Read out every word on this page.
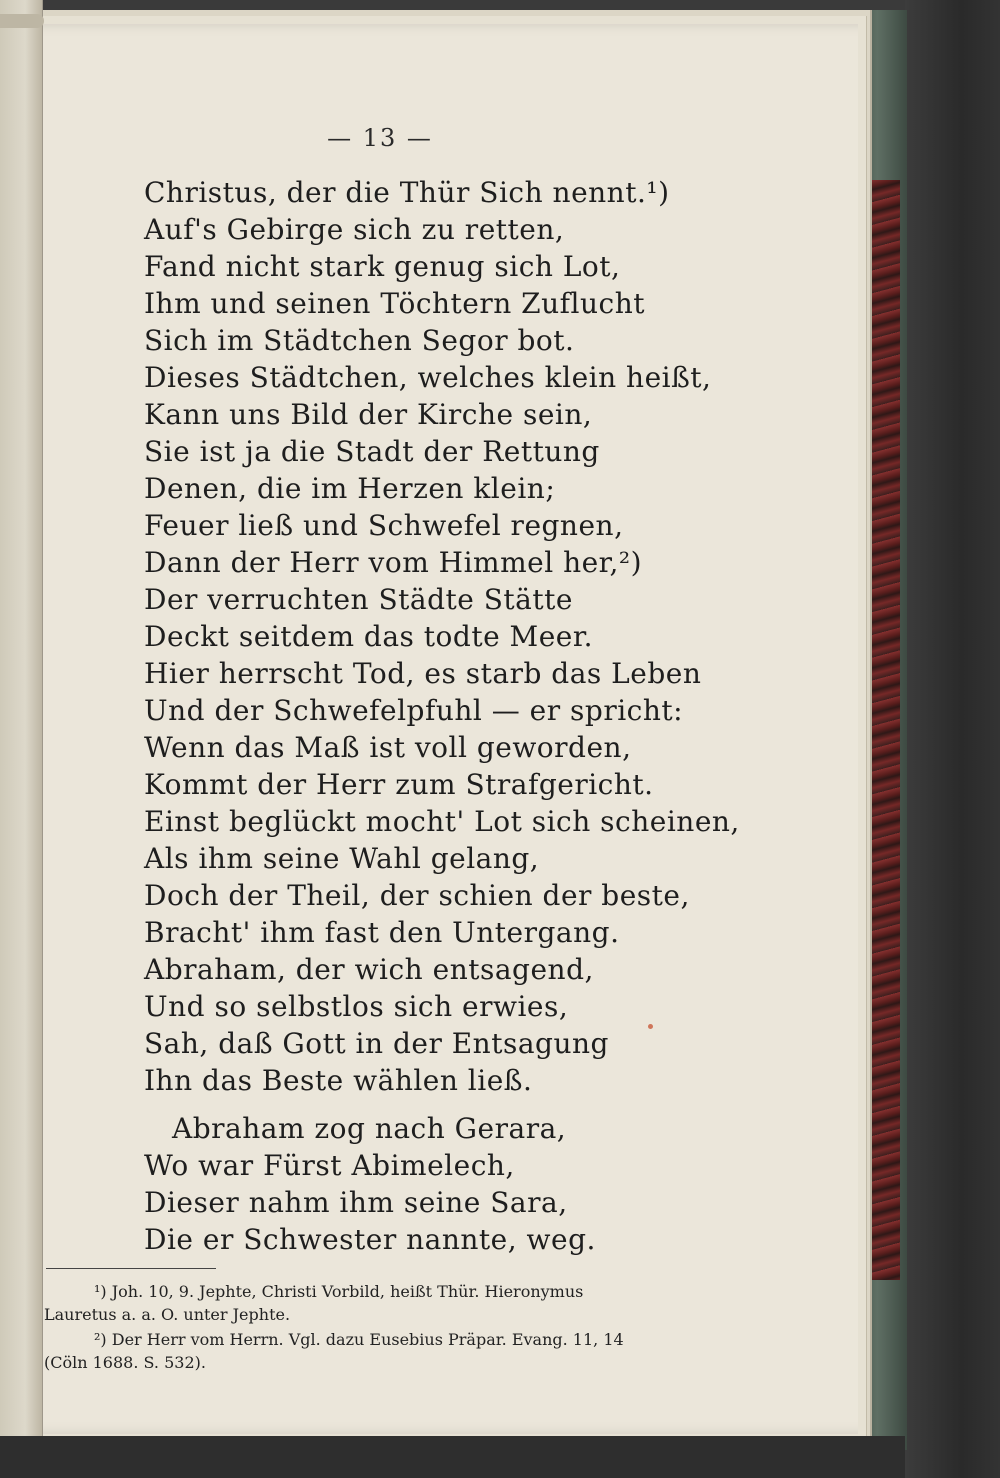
— 13 —
Christus, der die Thür Sich nennt.¹)
Auf's Gebirge sich zu retten,
Fand nicht stark genug sich Lot,
Ihm und seinen Töchtern Zuflucht
Sich im Städtchen Segor bot.
Dieses Städtchen, welches klein heißt,
Kann uns Bild der Kirche sein,
Sie ist ja die Stadt der Rettung
Denen, die im Herzen klein;
Feuer ließ und Schwefel regnen,
Dann der Herr vom Himmel her,²)
Der verruchten Städte Stätte
Deckt seitdem das todte Meer.
Hier herrscht Tod, es starb das Leben
Und der Schwefelpfuhl — er spricht:
Wenn das Maß ist voll geworden,
Kommt der Herr zum Strafgericht.
Einst beglückt mocht' Lot sich scheinen,
Als ihm seine Wahl gelang,
Doch der Theil, der schien der beste,
Bracht' ihm fast den Untergang.
Abraham, der wich entsagend,
Und so selbstlos sich erwies,
Sah, daß Gott in der Entsagung
Ihn das Beste wählen ließ.
Abraham zog nach Gerara,
Wo war Fürst Abimelech,
Dieser nahm ihm seine Sara,
Die er Schwester nannte, weg.
¹) Joh. 10, 9. Jephte, Christi Vorbild, heißt Thür. Hieronymus
Lauretus a. a. O. unter Jephte.
²) Der Herr vom Herrn. Vgl. dazu Eusebius Präpar. Evang. 11, 14
(Cöln 1688. S. 532).
